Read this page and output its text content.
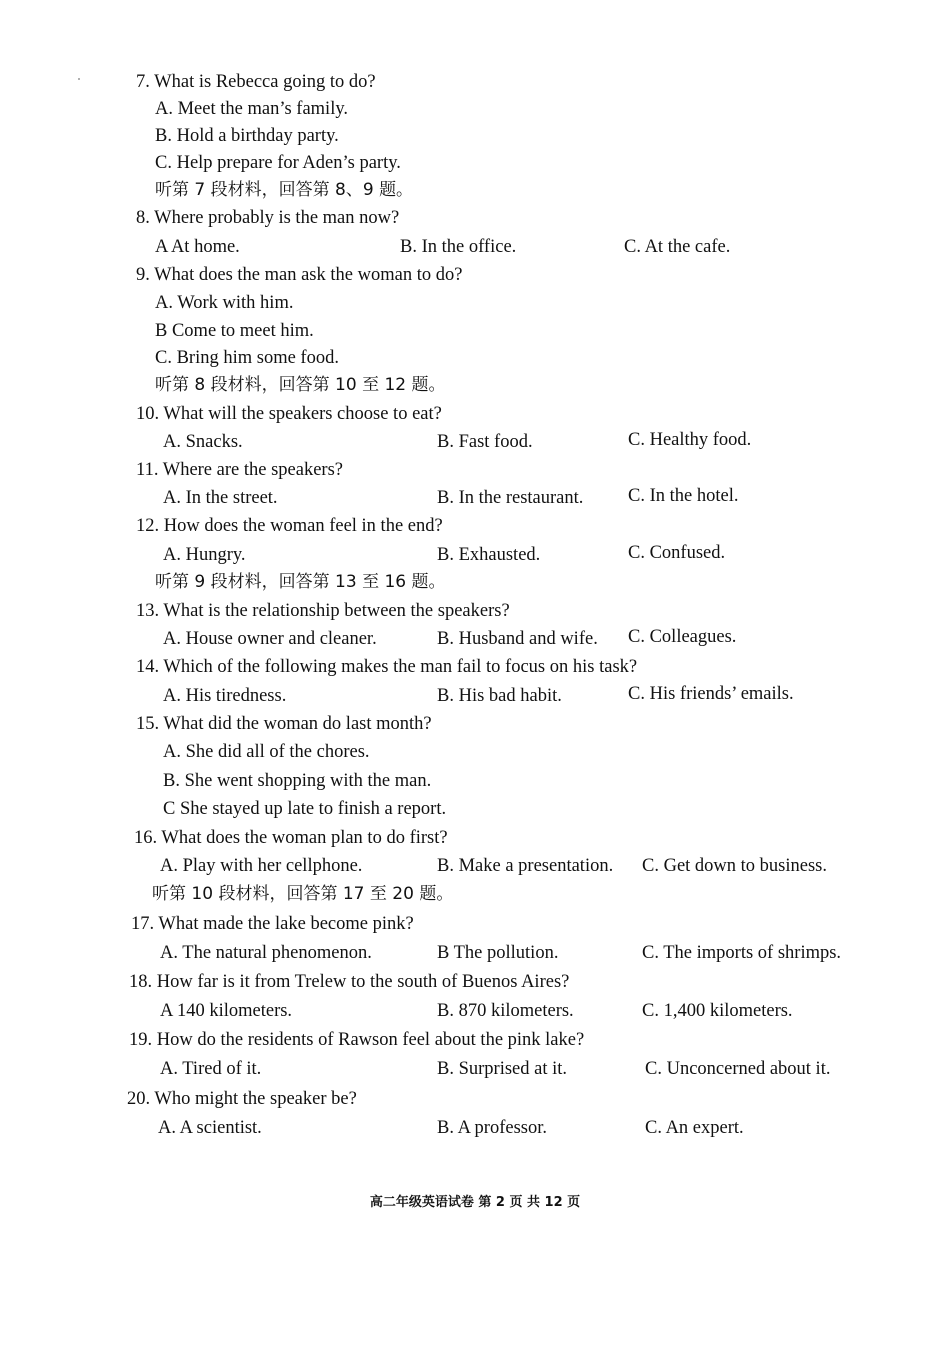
7. What is Rebecca going to do?
A. Meet the man’s family.
B. Hold a birthday party.
C. Help prepare for Aden’s party.
听第 7 段材料，回答第 8、9 题。
8. Where probably is the man now?
A At home.	B. In the office.	C. At the cafe.
9. What does the man ask the woman to do?
A. Work with him.
B Come to meet him.
C. Bring him some food.
听第 8 段材料，回答第 10 至 12 题。
10. What will the speakers choose to eat?
A. Snacks.	B. Fast food.	C. Healthy food.
11. Where are the speakers?
A. In the street.	B. In the restaurant. C. In the hotel.
12. How does the woman feel in the end?
A. Hungry.	B. Exhausted.	C. Confused.
听第 9 段材料，回答第 13 至 16 题。
13. What is the relationship between the speakers?
A. House owner and cleaner.	B. Husband and wife. C. Colleagues.
14. Which of the following makes the man fail to focus on his task?
A. His tiredness.	B. His bad habit.	C. His friends’ emails.
15. What did the woman do last month?
A. She did all of the chores.
B. She went shopping with the man.
C She stayed up late to finish a report.
16. What does the woman plan to do first?
A. Play with her cellphone.	B. Make a presentation. C. Get down to business.
听第 10 段材料，回答第 17 至 20 题。
17. What made the lake become pink?
A. The natural phenomenon.	B The pollution.	C. The imports of shrimps.
18. How far is it from Trelew to the south of Buenos Aires?
A 140 kilometers.	B. 870 kilometers.	C. 1,400 kilometers.
19. How do the residents of Rawson feel about the pink lake?
A. Tired of it.	B. Surprised at it.	C. Unconcerned about it.
20. Who might the speaker be?
A. A scientist.	B. A professor.	C. An expert.
高二年级英语试卷 第 2 页 共 12 页
